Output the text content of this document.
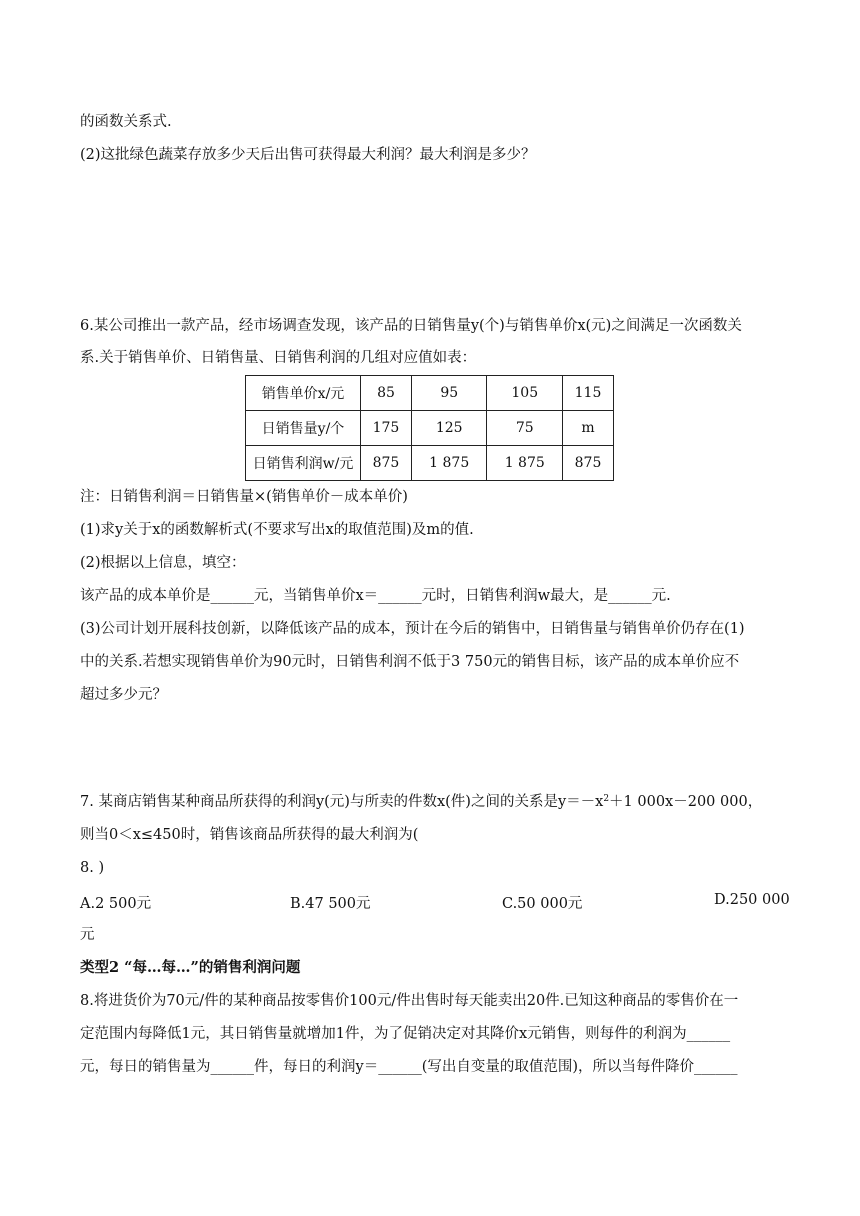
的函数关系式.
(2)这批绿色蔬菜存放多少天后出售可获得最大利润？最大利润是多少？
6.某公司推出一款产品，经市场调查发现，该产品的日销售量y(个)与销售单价x(元)之间满足一次函数关
系.关于销售单价、日销售量、日销售利润的几组对应值如表：
销售单价x/元	85	95	105	115
日销售量y/个	175	125	75	m
日销售利润w/元	875	1 875	1 875	875
注：日销售利润＝日销售量×(销售单价－成本单价)
(1)求y关于x的函数解析式(不要求写出x的取值范围)及m的值.
(2)根据以上信息，填空：
该产品的成本单价是______元，当销售单价x＝______元时，日销售利润w最大，是______元.
(3)公司计划开展科技创新，以降低该产品的成本，预计在今后的销售中，日销售量与销售单价仍存在(1)
中的关系.若想实现销售单价为90元时，日销售利润不低于3 750元的销售目标，该产品的成本单价应不
超过多少元？
7. 某商店销售某种商品所获得的利润y(元)与所卖的件数x(件)之间的关系是$y=-x^2+1$ 000x－200 000，
则当0＜x≤450时，销售该商品所获得的最大利润为(
8. )
A.2 500元	B.47 500元	C.50 000元	D.250 000
元
类型2 “每…每…”的销售利润问题
8.将进货价为70元/件的某种商品按零售价100元/件出售时每天能卖出20件.已知这种商品的零售价在一
定范围内每降低1元，其日销售量就增加1件，为了促销决定对其降价x元销售，则每件的利润为______
元，每日的销售量为______件，每日的利润y＝______(写出自变量的取值范围)，所以当每件降价______
